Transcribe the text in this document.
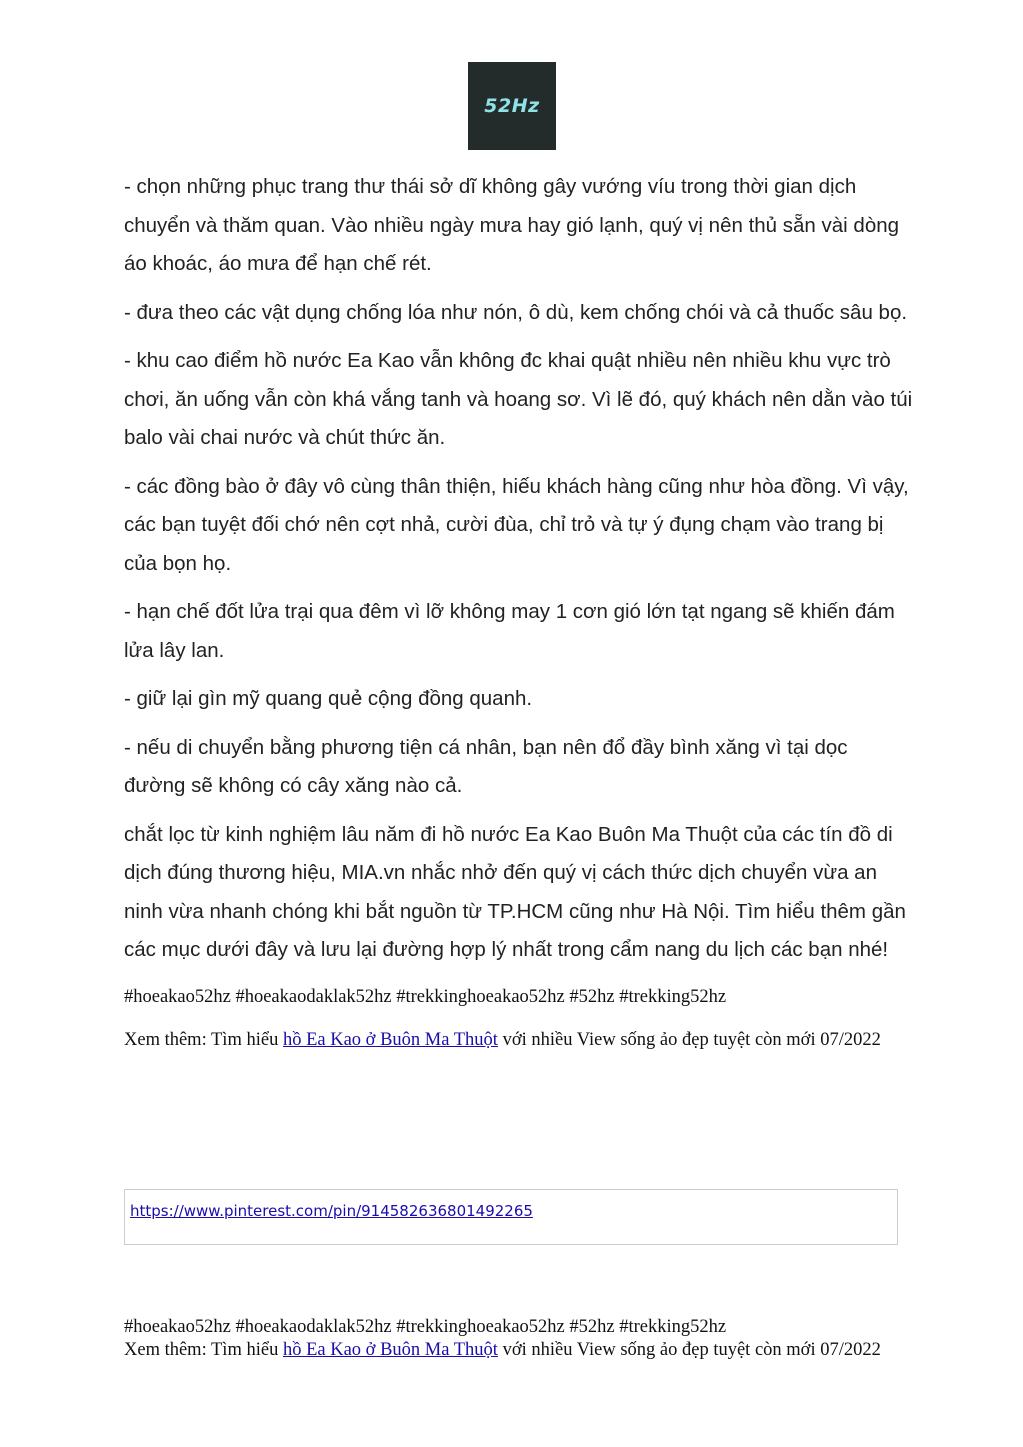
52Hz

- chọn những phục trang thư thái sở dĩ không gây vướng víu trong thời gian dịch chuyển và thăm quan. Vào nhiều ngày mưa hay gió lạnh, quý vị nên thủ sẵn vài dòng áo khoác, áo mưa để hạn chế rét.

- đưa theo các vật dụng chống lóa như nón, ô dù, kem chống chói và cả thuốc sâu bọ.

- khu cao điểm hồ nước Ea Kao vẫn không đc khai quật nhiều nên nhiều khu vực trò chơi, ăn uống vẫn còn khá vắng tanh và hoang sơ. Vì lẽ đó, quý khách nên dằn vào túi balo vài chai nước và chút thức ăn.

- các đồng bào ở đây vô cùng thân thiện, hiếu khách hàng cũng như hòa đồng. Vì vậy, các bạn tuyệt đối chớ nên cợt nhả, cười đùa, chỉ trỏ và tự ý đụng chạm vào trang bị của bọn họ.

- hạn chế đốt lửa trại qua đêm vì lỡ không may 1 cơn gió lớn tạt ngang sẽ khiến đám lửa lây lan.

- giữ lại gìn mỹ quang quẻ cộng đồng quanh.

- nếu di chuyển bằng phương tiện cá nhân, bạn nên đổ đầy bình xăng vì tại dọc đường sẽ không có cây xăng nào cả.

chắt lọc từ kinh nghiệm lâu năm đi hồ nước Ea Kao Buôn Ma Thuột của các tín đồ di dịch đúng thương hiệu, MIA.vn nhắc nhở đến quý vị cách thức dịch chuyển vừa an ninh vừa nhanh chóng khi bắt nguồn từ TP.HCM cũng như Hà Nội. Tìm hiểu thêm gần các mục dưới đây và lưu lại đường hợp lý nhất trong cẩm nang du lịch các bạn nhé!

#hoeakao52hz #hoeakaodaklak52hz #trekkinghoeakao52hz #52hz #trekking52hz
Xem thêm: Tìm hiểu hồ Ea Kao ở Buôn Ma Thuột với nhiều View sống ảo đẹp tuyệt còn mới 07/2022
https://www.pinterest.com/pin/914582636801492265
#hoeakao52hz #hoeakaodaklak52hz #trekkinghoeakao52hz #52hz #trekking52hz
Xem thêm: Tìm hiểu hồ Ea Kao ở Buôn Ma Thuột với nhiều View sống ảo đẹp tuyệt còn mới 07/2022
